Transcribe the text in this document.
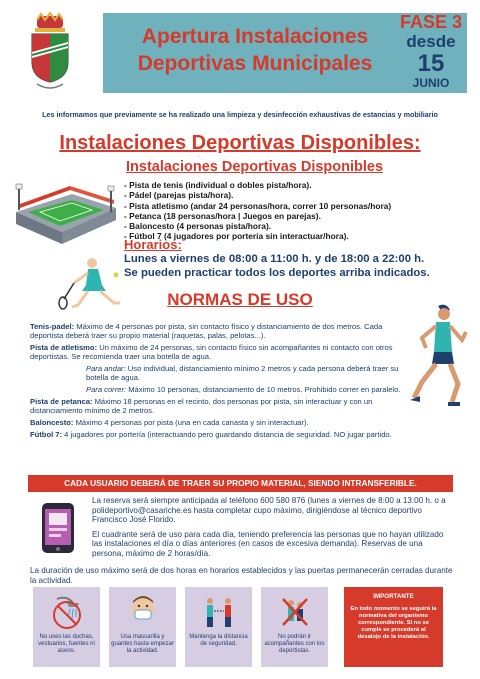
Apertura Instalaciones
Deportivas Municipales
FASE 3
desde
15
JUNIO
Les informamos que previamente se ha realizado una limpieza y desinfección exhaustivas de estancias y mobiliario
Instalaciones Deportivas Disponibles:
Instalaciones Deportivas Disponibles
- Pista de tenis (individual o dobles pista/hora).
- Pádel (parejas pista/hora).
- Pista atletismo (andar 24 personas/hora, correr 10 personas/hora)
- Petanca (18 personas/hora | Juegos en parejas).
- Baloncesto (4 personas pista/hora).
- Fútbol 7 (4 jugadores por portería sin interactuar/hora).
Horarios:
Lunes a viernes de 08:00 a 11:00 h. y de 18:00 a 22:00 h.
Se pueden practicar todos los deportes arriba indicados.
NORMAS DE USO
Tenis-padel: Máximo de 4 personas por pista, sin contacto físico y distanciamiento de dos metros. Cada deportista deberá traer su propio material (raquetas, palas, pelotas...).
Pista de atletismo: Un máximo de 24 personas, sin contacto físico sin acompañantes ni contacto con otros deportistas. Se recomienda traer una botella de agua.
Para andar: Uso individual, distanciamiento mínimo 2 metros y cada persona deberá traer su botella de agua.
Para correr: Máximo 10 personas, distanciamento de 10 metros. Prohibido correr en paralelo.
Pista de petanca: Máximo 18 personas en el recinto, dos personas por pista, sin interactuar y con un distanciamiento mínimo de 2 metros.
Baloncesto: Máximo 4 personas por pista (una en cada canasta y sin interactuar).
Fútbol 7: 4 jugadores por portería (interactuando pero guardando distancia de seguridad. NO jugar partido.
CADA USUARIO DEBERÁ DE TRAER SU PROPIO MATERIAL, SIENDO INTRANSFERIBLE.

La reserva será siempre anticipada al teléfono 600 580 876 (lunes a viernes de 8:00 a 13:00 h. o a polideportivo@casariche.es hasta completar cupo máximo, dirigiéndose al técnico deportivo Francisco José Florido.

El cuadrante será de uso para cada día, teniendo preferencia las personas que no hayan utilizado las instalaciones el día o días anteriores (en casos de excesiva demanda). Reservas de una persona, máximo de 2 horas/día.

La duración de uso máximo será de dos horas en horarios establecidos y las puertas permanecerán cerradas durante la actividad.
No uses las duchas, vestuarios, fuentes ni aseos.
Usa mascarilla y guantes hasta empezar la actividad.
Mantenga la distancia de seguridad.
No podrán ir acompañantes con los deportistas.
IMPORTANTE
En todo momento se seguirá la normativa del organismo correspondiente. Si no se cumple se procederá al desalojo de la instalación.
